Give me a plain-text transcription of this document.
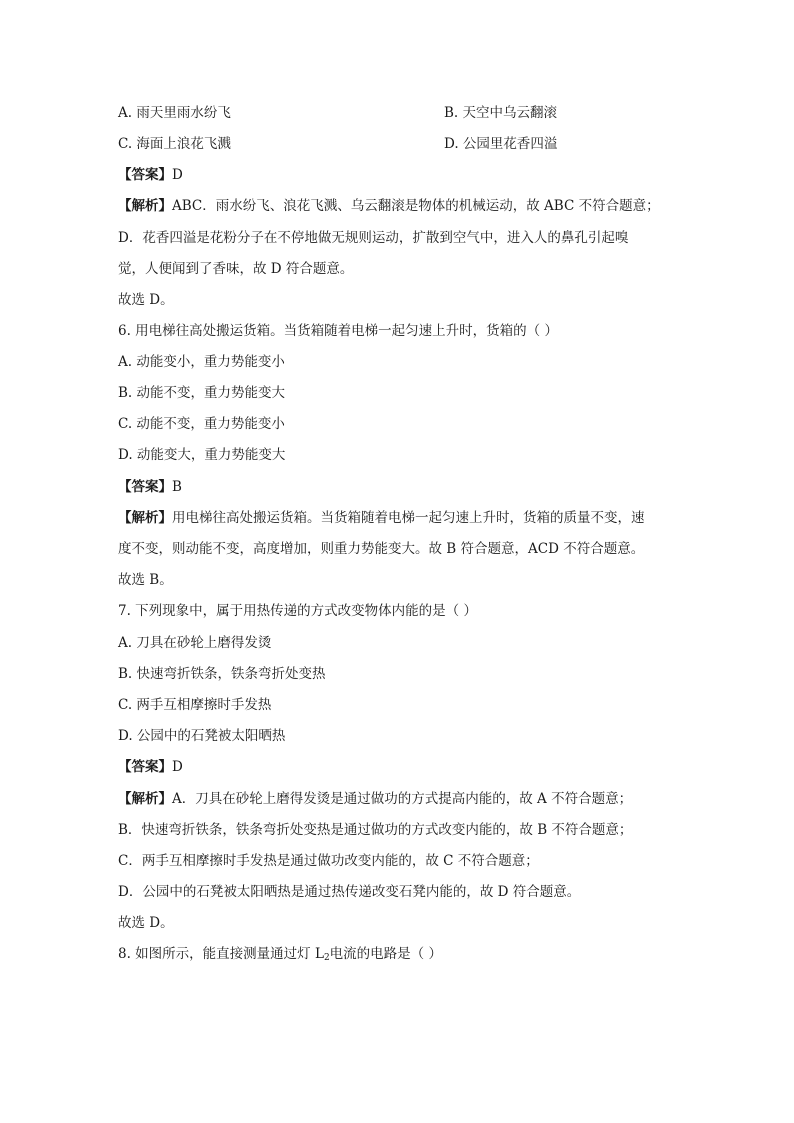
A. 雨天里雨水纷飞	B. 天空中乌云翻滚
C. 海面上浪花飞溅	D. 公园里花香四溢
【答案】D
【解析】ABC．雨水纷飞、浪花飞溅、乌云翻滚是物体的机械运动，故 ABC 不符合题意；
D．花香四溢是花粉分子在不停地做无规则运动，扩散到空气中，进入人的鼻孔引起嗅
觉，人便闻到了香味，故 D 符合题意。
故选 D。
6. 用电梯往高处搬运货箱。当货箱随着电梯一起匀速上升时，货箱的（ ）
A. 动能变小，重力势能变小
B. 动能不变，重力势能变大
C. 动能不变，重力势能变小
D. 动能变大，重力势能变大
【答案】B
【解析】用电梯往高处搬运货箱。当货箱随着电梯一起匀速上升时，货箱的质量不变，速
度不变，则动能不变，高度增加，则重力势能变大。故 B 符合题意，ACD 不符合题意。
故选 B。
7. 下列现象中，属于用热传递的方式改变物体内能的是（ ）
A. 刀具在砂轮上磨得发烫
B. 快速弯折铁条，铁条弯折处变热
C. 两手互相摩擦时手发热
D. 公园中的石凳被太阳晒热
【答案】D
【解析】A．刀具在砂轮上磨得发烫是通过做功的方式提高内能的，故 A 不符合题意；
B．快速弯折铁条，铁条弯折处变热是通过做功的方式改变内能的，故 B 不符合题意；
C．两手互相摩擦时手发热是通过做功改变内能的，故 C 不符合题意；
D．公园中的石凳被太阳晒热是通过热传递改变石凳内能的，故 D 符合题意。
故选 D。
8. 如图所示，能直接测量通过灯 $L_2$电流的电路是（ ）
